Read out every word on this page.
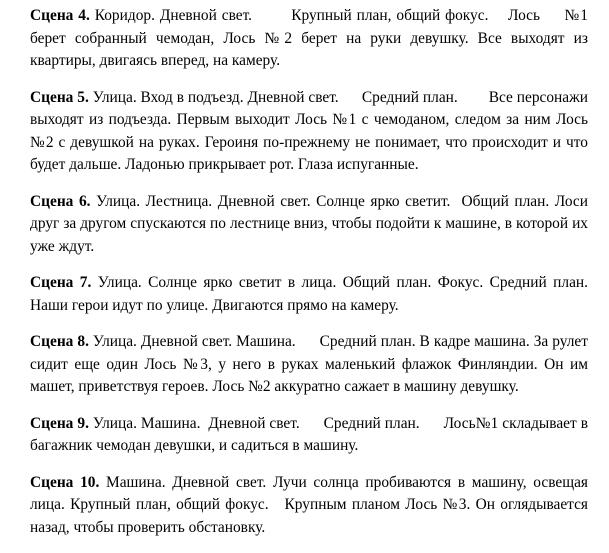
Сцена 4. Коридор. Дневной свет.        Крупный план, общий фокус.    Лось     №1 берет собранный чемодан, Лось №2 берет на руки девушку. Все выходят из квартиры, двигаясь вперед, на камеру.

Сцена 5. Улица. Вход в подъезд. Дневной свет.      Средний план.        Все персонажи выходят из подъезда. Первым выходит Лось №1 с чемоданом, следом за ним Лось №2 с девушкой на руках. Героиня по-прежнему не понимает, что происходит и что будет дальше. Ладонью прикрывает рот. Глаза испуганные.

Сцена 6. Улица. Лестница. Дневной свет. Солнце ярко светит.  Общий план. Лоси друг за другом спускаются по лестнице вниз, чтобы подойти к машине, в которой их уже ждут.

Сцена 7. Улица. Солнце ярко светит в лица. Общий план. Фокус. Средний план. Наши герои идут по улице. Двигаются прямо на камеру.

Сцена 8. Улица. Дневной свет. Машина.      Средний план. В кадре машина. За рулет сидит еще один Лось №3, у него в руках маленький флажок Финляндии. Он им машет, приветствуя героев. Лось №2 аккуратно сажает в машину девушку.

Сцена 9. Улица. Машина.  Дневной свет.      Средний план.      Лось№1 складывает в багажник чемодан девушки, и садиться в машину.

Сцена 10. Машина. Дневной свет. Лучи солнца пробиваются в машину, освещая лица. Крупный план, общий фокус.   Крупным планом Лось №3. Он оглядывается назад, чтобы проверить обстановку.
